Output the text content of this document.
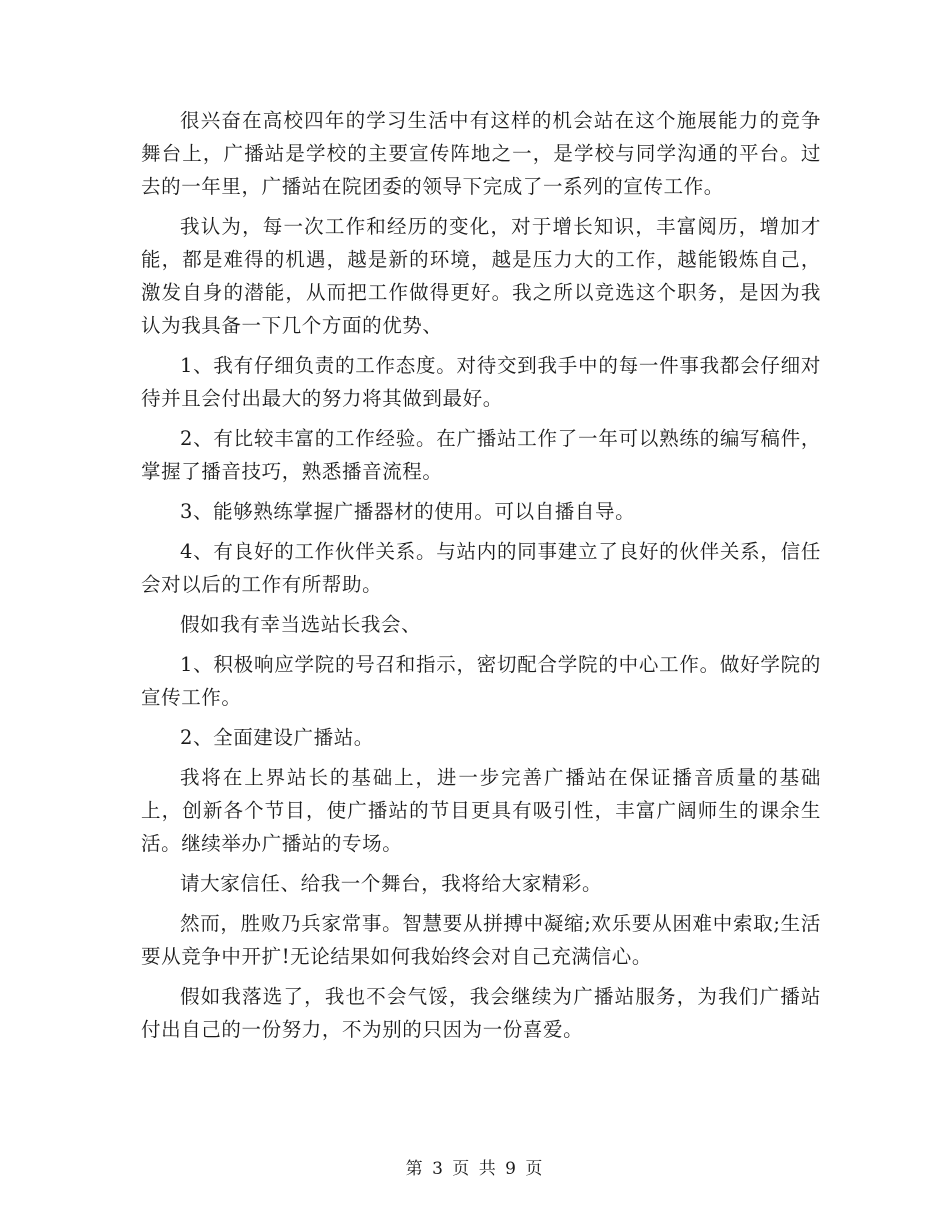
很兴奋在高校四年的学习生活中有这样的机会站在这个施展能力的竞争舞台上，广播站是学校的主要宣传阵地之一，是学校与同学沟通的平台。过去的一年里，广播站在院团委的领导下完成了一系列的宣传工作。

我认为，每一次工作和经历的变化，对于增长知识，丰富阅历，增加才能，都是难得的机遇，越是新的环境，越是压力大的工作，越能锻炼自己，激发自身的潜能，从而把工作做得更好。我之所以竞选这个职务，是因为我认为我具备一下几个方面的优势、

1、我有仔细负责的工作态度。对待交到我手中的每一件事我都会仔细对待并且会付出最大的努力将其做到最好。

2、有比较丰富的工作经验。在广播站工作了一年可以熟练的编写稿件，掌握了播音技巧，熟悉播音流程。

3、能够熟练掌握广播器材的使用。可以自播自导。

4、有良好的工作伙伴关系。与站内的同事建立了良好的伙伴关系，信任会对以后的工作有所帮助。

假如我有幸当选站长我会、

1、积极响应学院的号召和指示，密切配合学院的中心工作。做好学院的宣传工作。

2、全面建设广播站。

我将在上界站长的基础上，进一步完善广播站在保证播音质量的基础上，创新各个节目，使广播站的节目更具有吸引性，丰富广阔师生的课余生活。继续举办广播站的专场。

请大家信任、给我一个舞台，我将给大家精彩。

然而，胜败乃兵家常事。智慧要从拼搏中凝缩;欢乐要从困难中索取;生活要从竞争中开扩!无论结果如何我始终会对自己充满信心。

假如我落选了，我也不会气馁，我会继续为广播站服务，为我们广播站付出自己的一份努力，不为别的只因为一份喜爱。

第 3 页 共 9 页
